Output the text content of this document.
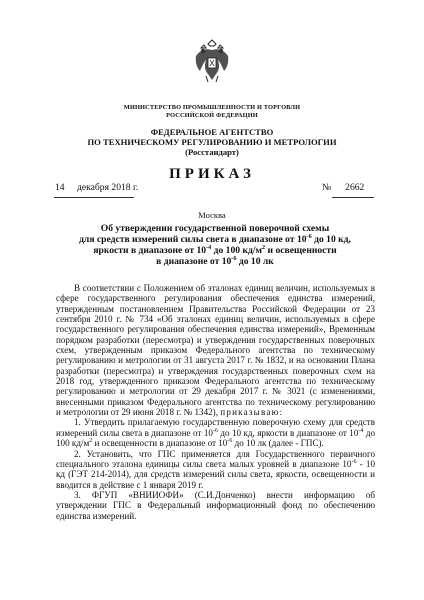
МИНИСТЕРСТВО ПРОМЫШЛЕННОСТИ И ТОРГОВЛИ
РОССИЙСКОЙ ФЕДЕРАЦИИ
ФЕДЕРАЛЬНОЕ АГЕНТСТВО
ПО ТЕХНИЧЕСКОМУ РЕГУЛИРОВАНИЮ И МЕТРОЛОГИИ
(Росстандарт)
ПРИКАЗ
14 декабря 2018 г.	№ 2662
Москва
Об утверждении государственной поверочной схемы
для средств измерений силы света в диапазоне от $10^{-6}$ до 10 кд,
яркости в диапазоне от $10^{-4}$ до 100 $кд/м^2$ и освещенности
в диапазоне от $10^{-6}$ до 10 лк

В соответствии с Положением об эталонах единиц величин, используемых в сфере государственного регулирования обеспечения единства измерений, утвержденным постановлением Правительства Российской Федерации от 23 сентября 2010 г. № 734 «Об эталонах единиц величин, используемых в сфере государственного регулирования обеспечения единства измерений», Временным порядком разработки (пересмотра) и утверждения государственных поверочных схем, утвержденным приказом Федерального агентства по техническому регулированию и метрологии от 31 августа 2017 г. № 1832, и на основании Плана разработки (пересмотра) и утверждения государственных поверочных схем на 2018 год, утвержденного приказом Федерального агентства по техническому регулированию и метрологии от 29 декабря 2017 г. № 3021 (с изменениями, внесенными приказом Федерального агентства по техническому регулированию и метрологии от 29 июня 2018 г. № 1342), приказываю:

1. Утвердить прилагаемую государственную поверочную схему для средств измерений силы света в диапазоне от $10^{-6}$ до 10 кд, яркости в диапазоне от $10^{-4}$ до 100 $кд/м^2$ и освещенности в диапазоне от $10^{-6}$ до 10 лк (далее - ГПС).

2. Установить, что ГПС применяется для Государственного первичного специального эталона единицы силы света малых уровней в диапазоне $10^{-6} - 10$ кд (ГЭТ 214-2014), для средств измерений силы света, яркости, освещенности и вводится в действие с 1 января 2019 г.

3. ФГУП «ВНИИОФИ» (С.И.Донченко) внести информацию об утверждении ГПС в Федеральный информационный фонд по обеспечению единства измерений.
